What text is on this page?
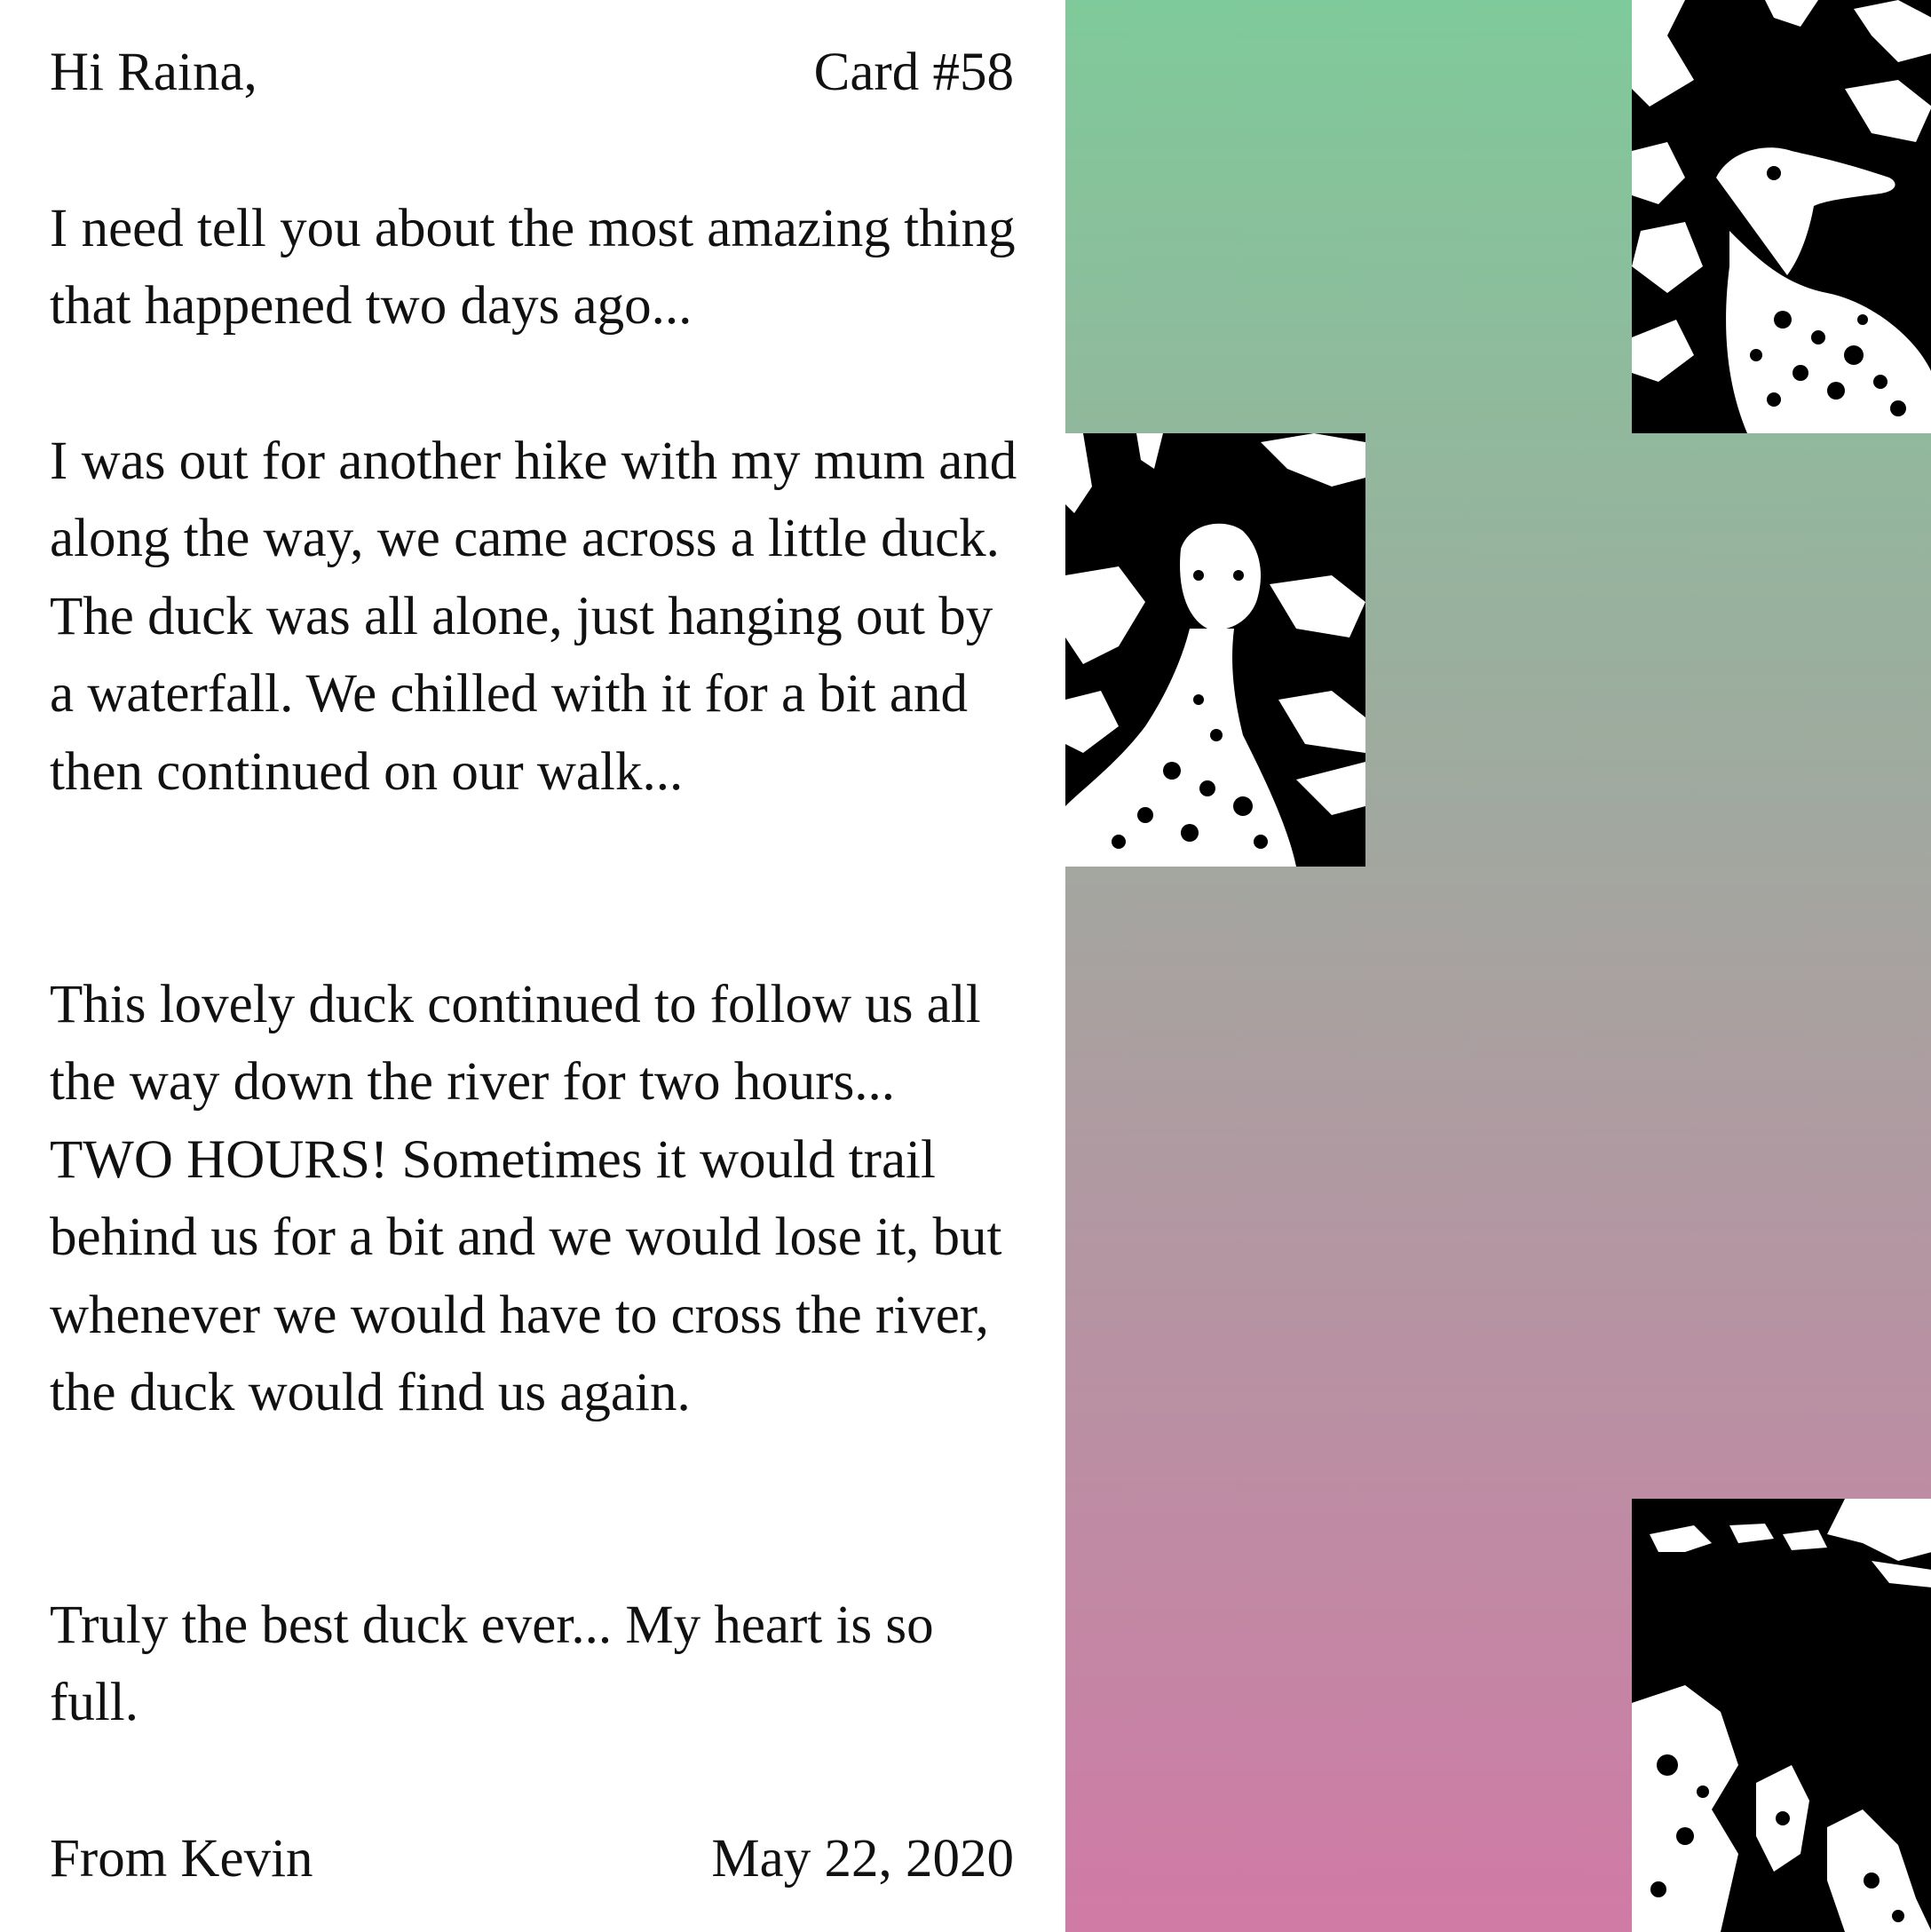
Hi Raina,	Card #58

I need tell you about the most amazing thing that happened two days ago...

I was out for another hike with my mum and along the way, we came across a little duck. The duck was all alone, just hanging out by a waterfall. We chilled with it for a bit and then continued on our walk...

This lovely duck continued to follow us all the way down the river for two hours... TWO HOURS! Sometimes it would trail behind us for a bit and we would lose it, but whenever we would have to cross the river, the duck would find us again.

Truly the best duck ever... My heart is so full.

From Kevin	May 22, 2020
